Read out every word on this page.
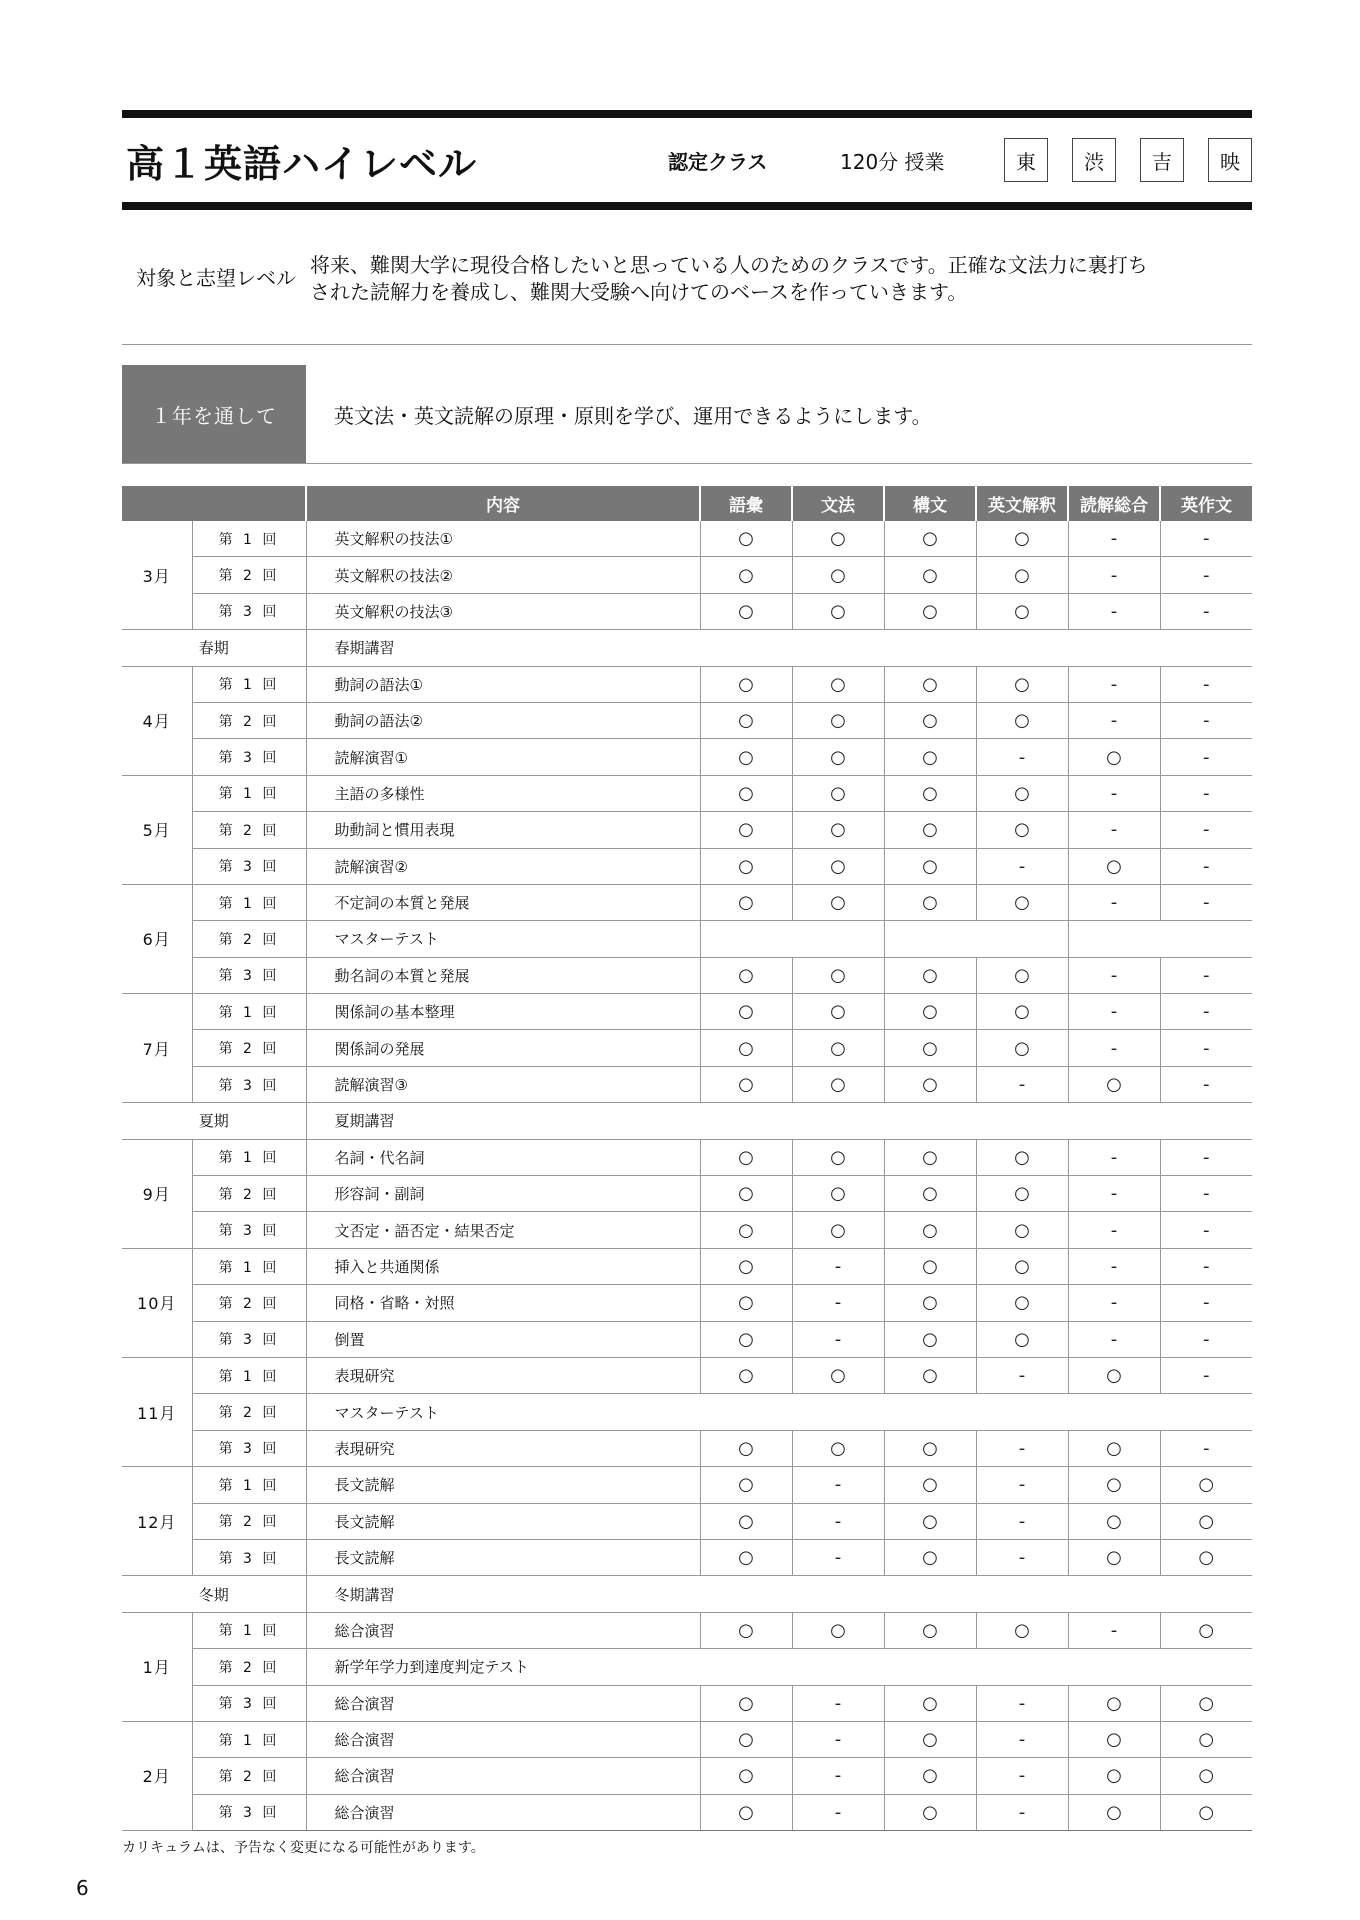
高１英語ハイレベル	認定クラス	120分 授業	東	渋	吉	映
対象と志望レベル
将来、難関大学に現役合格したいと思っている人のためのクラスです。正確な文法力に裏打ち
された読解力を養成し、難関大受験へ向けてのベースを作っていきます。
１年を通して	英文法・英文読解の原理・原則を学び、運用できるようにします。
		内容	語彙	文法	構文	英文解釈	読解総合	英作文
3月	第 1 回	英文解釈の技法①	○	○	○	○	-	-
	第 2 回	英文解釈の技法②	○	○	○	○	-	-
	第 3 回	英文解釈の技法③	○	○	○	○	-	-
春期		春期講習						
4月	第 1 回	動詞の語法①	○	○	○	○	-	-
	第 2 回	動詞の語法②	○	○	○	○	-	-
	第 3 回	読解演習①	○	○	○	-	○	-
5月	第 1 回	主語の多様性	○	○	○	○	-	-
	第 2 回	助動詞と慣用表現	○	○	○	○	-	-
	第 3 回	読解演習②	○	○	○	-	○	-
6月	第 1 回	不定詞の本質と発展	○	○	○	○	-	-
	第 2 回	マスターテスト						
	第 3 回	動名詞の本質と発展	○	○	○	○	-	-
7月	第 1 回	関係詞の基本整理	○	○	○	○	-	-
	第 2 回	関係詞の発展	○	○	○	○	-	-
	第 3 回	読解演習③	○	○	○	-	○	-
夏期		夏期講習						
9月	第 1 回	名詞・代名詞	○	○	○	○	-	-
	第 2 回	形容詞・副詞	○	○	○	○	-	-
	第 3 回	文否定・語否定・結果否定	○	○	○	○	-	-
10月	第 1 回	挿入と共通関係	○	-	○	○	-	-
	第 2 回	同格・省略・対照	○	-	○	○	-	-
	第 3 回	倒置	○	-	○	○	-	-
11月	第 1 回	表現研究	○	○	○	-	○	-
	第 2 回	マスターテスト						
	第 3 回	表現研究	○	○	○	-	○	-
12月	第 1 回	長文読解	○	-	○	-	○	○
	第 2 回	長文読解	○	-	○	-	○	○
	第 3 回	長文読解	○	-	○	-	○	○
冬期		冬期講習						
1月	第 1 回	総合演習	○	○	○	○	-	○
	第 2 回	新学年学力到達度判定テスト						
	第 3 回	総合演習	○	-	○	-	○	○
2月	第 1 回	総合演習	○	-	○	-	○	○
	第 2 回	総合演習	○	-	○	-	○	○
	第 3 回	総合演習	○	-	○	-	○	○
カリキュラムは、予告なく変更になる可能性があります。
6
